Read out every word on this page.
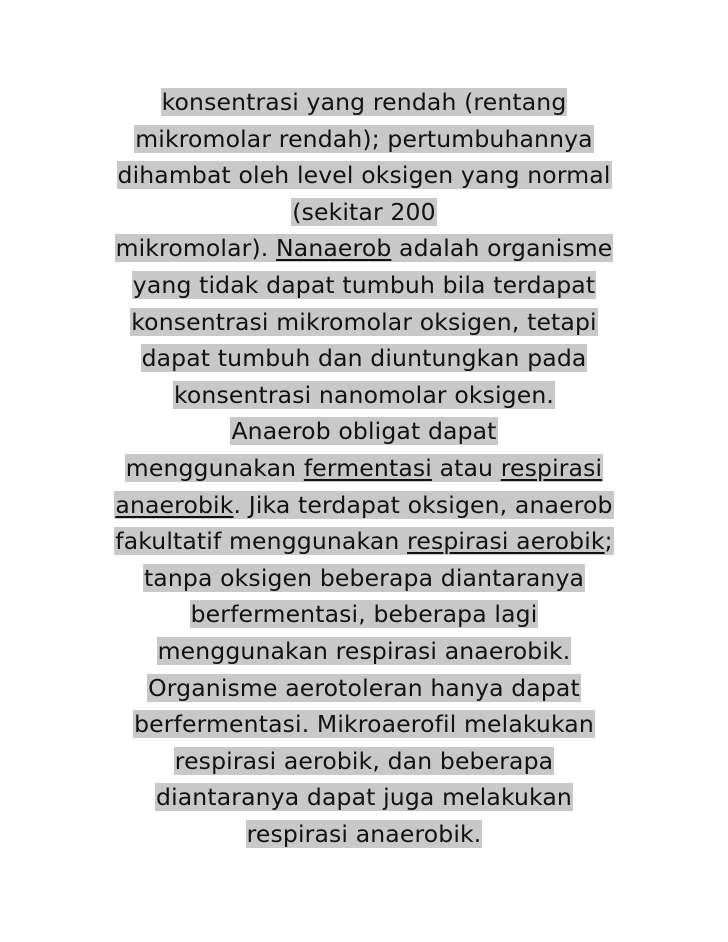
konsentrasi yang rendah (rentang
mikromolar rendah); pertumbuhannya
dihambat oleh level oksigen yang normal
(sekitar 200
mikromolar). Nanaerob adalah organisme
yang tidak dapat tumbuh bila terdapat
konsentrasi mikromolar oksigen, tetapi
dapat tumbuh dan diuntungkan pada
konsentrasi nanomolar oksigen.
Anaerob obligat dapat
menggunakan fermentasi atau respirasi
anaerobik. Jika terdapat oksigen, anaerob
fakultatif menggunakan respirasi aerobik;
tanpa oksigen beberapa diantaranya
berfermentasi, beberapa lagi
menggunakan respirasi anaerobik.
Organisme aerotoleran hanya dapat
berfermentasi. Mikroaerofil melakukan
respirasi aerobik, dan beberapa
diantaranya dapat juga melakukan
respirasi anaerobik.
